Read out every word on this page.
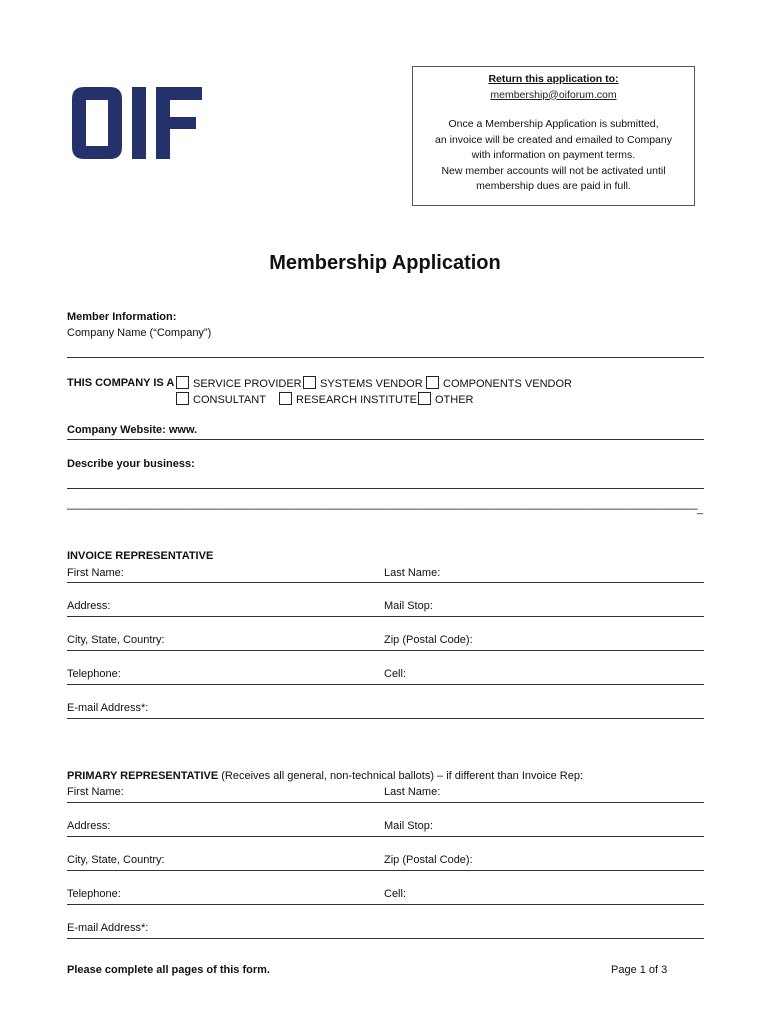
Return this application to:
membership@oiforum.com
Once a Membership Application is submitted,
an invoice will be created and emailed to Company
with information on payment terms.
New member accounts will not be activated until
membership dues are paid in full.
Membership Application
Member Information:
Company Name (“Company”)
THIS COMPANY IS A	SERVICE PROVIDER	SYSTEMS VENDOR	COMPONENTS VENDOR
CONSULTANT	RESEARCH INSTITUTE	OTHER
Company Website: www.
Describe your business:
————————————————————————————————————————————————————————————_
INVOICE REPRESENTATIVE
First Name:	Last Name:
Address:	Mail Stop:
City, State, Country:	Zip (Postal Code):
Telephone:	Cell:
E-mail Address*:
PRIMARY REPRESENTATIVE (Receives all general, non-technical ballots) – if different than Invoice Rep:
First Name:	Last Name:
Address:	Mail Stop:
City, State, Country:	Zip (Postal Code):
Telephone:	Cell:
E-mail Address*:
Please complete all pages of this form.	Page 1 of 3
